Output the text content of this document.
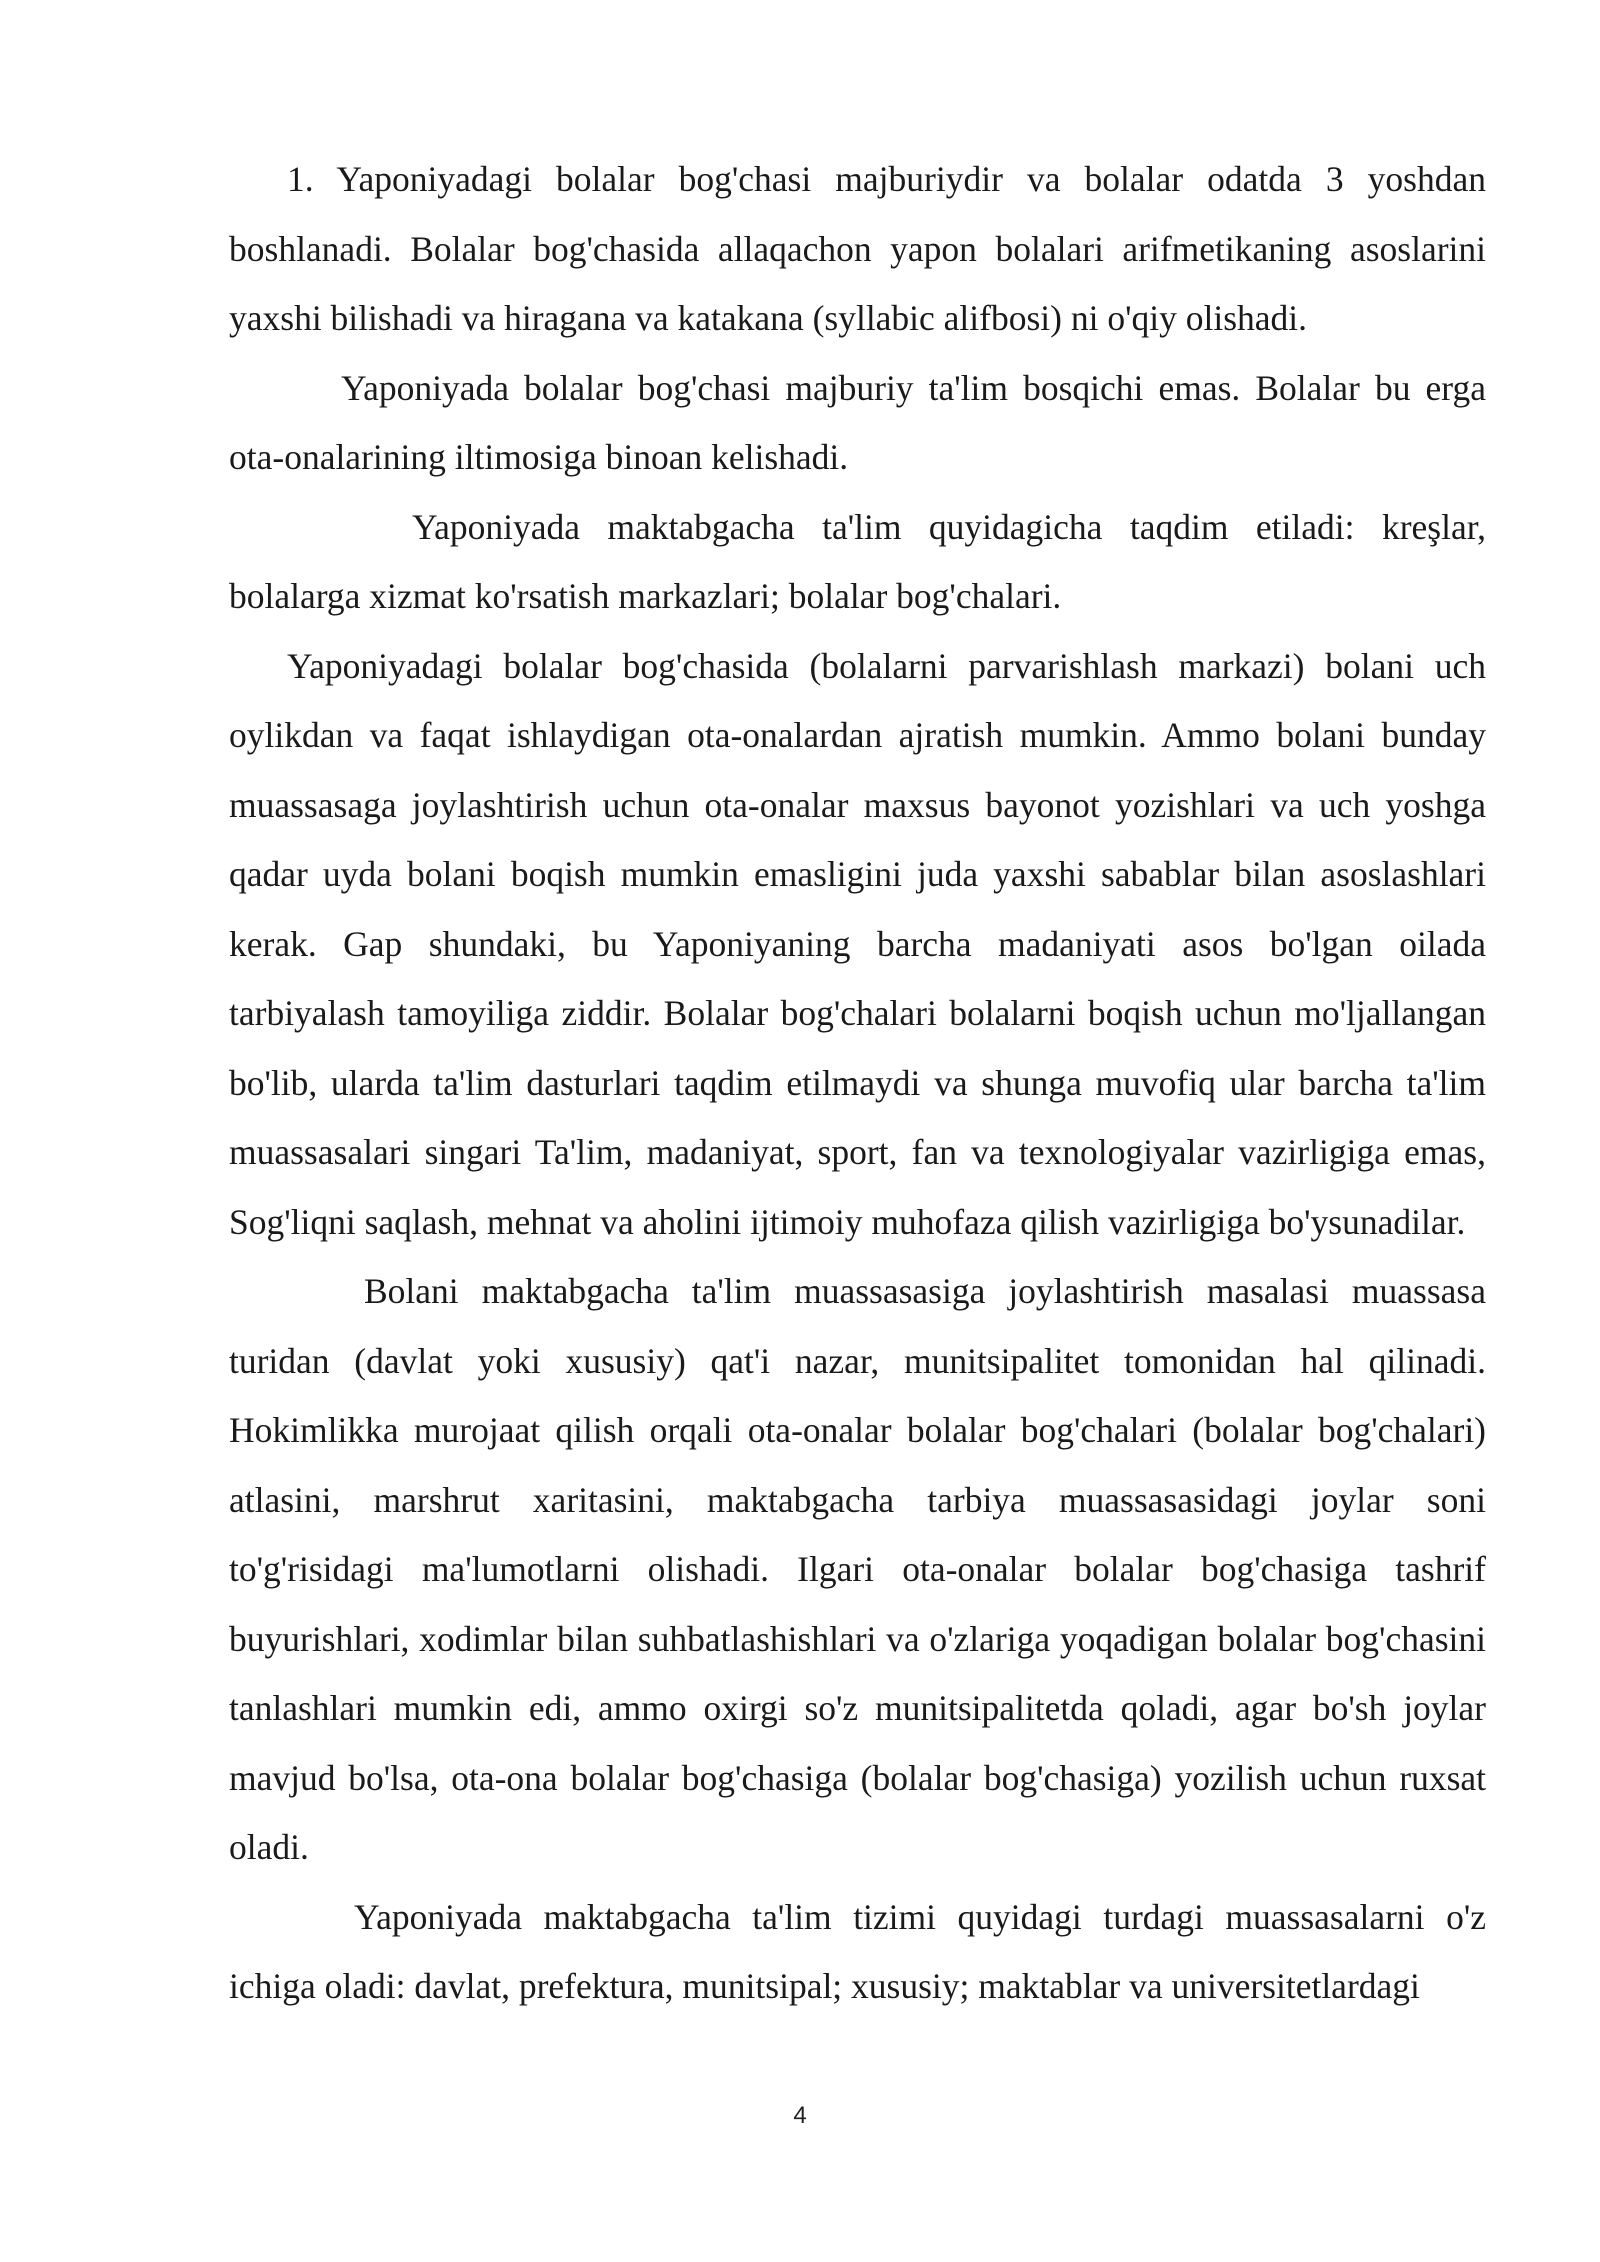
1. Yaponiyadagi bolalar bog'chasi majburiydir va bolalar odatda 3 yoshdan boshlanadi. Bolalar bog'chasida allaqachon yapon bolalari arifmetikaning asoslarini yaxshi bilishadi va hiragana va katakana (syllabic alifbosi) ni o'qiy olishadi.

Yaponiyada bolalar bog'chasi majburiy ta'lim bosqichi emas. Bolalar bu erga ota-onalarining iltimosiga binoan kelishadi.

Yaponiyada maktabgacha ta'lim quyidagicha taqdim etiladi: kreşlar, bolalarga xizmat ko'rsatish markazlari; bolalar bog'chalari.

Yaponiyadagi bolalar bog'chasida (bolalarni parvarishlash markazi) bolani uch oylikdan va faqat ishlaydigan ota-onalardan ajratish mumkin. Ammo bolani bunday muassasaga joylashtirish uchun ota-onalar maxsus bayonot yozishlari va uch yoshga qadar uyda bolani boqish mumkin emasligini juda yaxshi sabablar bilan asoslashlari kerak. Gap shundaki, bu Yaponiyaning barcha madaniyati asos bo'lgan oilada tarbiyalash tamoyiliga ziddir. Bolalar bog'chalari bolalarni boqish uchun mo'ljallangan bo'lib, ularda ta'lim dasturlari taqdim etilmaydi va shunga muvofiq ular barcha ta'lim muassasalari singari Ta'lim, madaniyat, sport, fan va texnologiyalar vazirligiga emas, Sog'liqni saqlash, mehnat va aholini ijtimoiy muhofaza qilish vazirligiga bo'ysunadilar.

Bolani maktabgacha ta'lim muassasasiga joylashtirish masalasi muassasa turidan (davlat yoki xususiy) qat'i nazar, munitsipalitet tomonidan hal qilinadi. Hokimlikka murojaat qilish orqali ota-onalar bolalar bog'chalari (bolalar bog'chalari) atlasini, marshrut xaritasini, maktabgacha tarbiya muassasasidagi joylar soni to'g'risidagi ma'lumotlarni olishadi. Ilgari ota-onalar bolalar bog'chasiga tashrif buyurishlari, xodimlar bilan suhbatlashishlari va o'zlariga yoqadigan bolalar bog'chasini tanlashlari mumkin edi, ammo oxirgi so'z munitsipalitetda qoladi, agar bo'sh joylar mavjud bo'lsa, ota-ona bolalar bog'chasiga (bolalar bog'chasiga) yozilish uchun ruxsat oladi.

Yaponiyada maktabgacha ta'lim tizimi quyidagi turdagi muassasalarni o'z ichiga oladi: davlat, prefektura, munitsipal; xususiy; maktablar va universitetlardagi

4
